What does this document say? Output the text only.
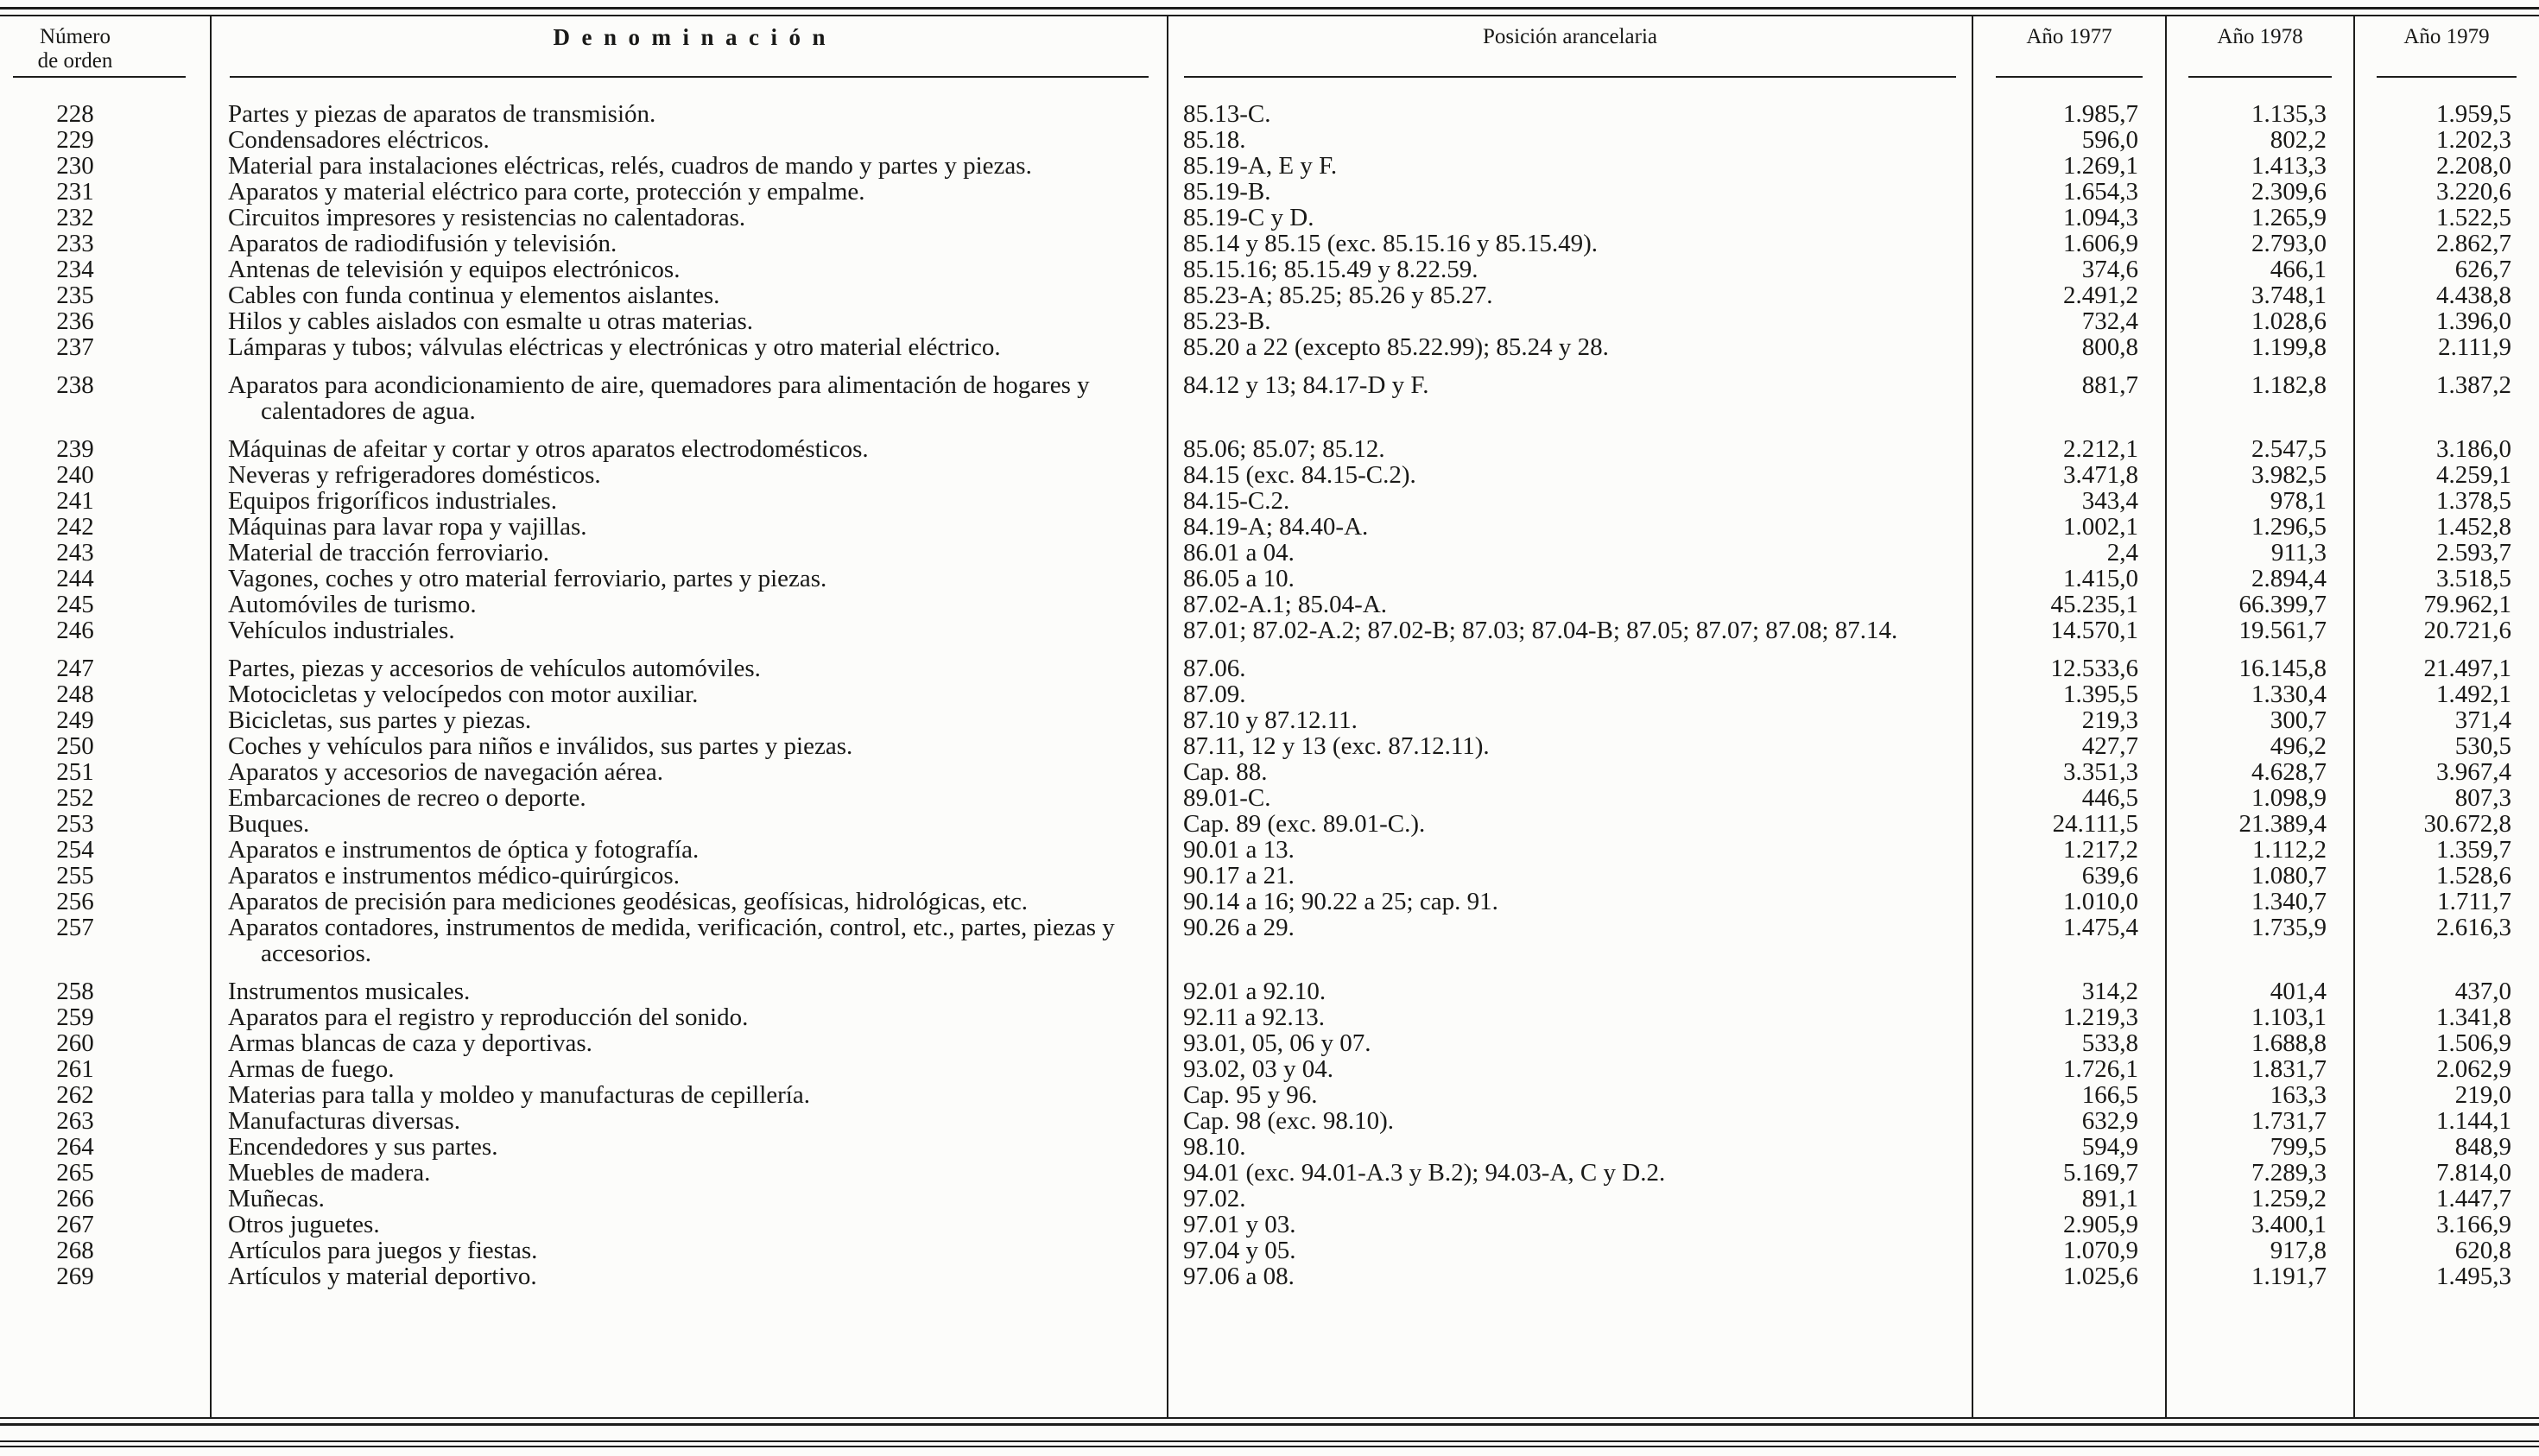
Número
de orden	Denominación	Posición arancelaria	Año 1977	Año 1978	Año 1979

228	Partes y piezas de aparatos de transmisión.	85.13-C.	1.985,7	1.135,3	1.959,5
229	Condensadores eléctricos.	85.18.	596,0	802,2	1.202,3
230	Material para instalaciones eléctricas, relés, cuadros de mando y partes y piezas.	85.19-A, E y F.	1.269,1	1.413,3	2.208,0
231	Aparatos y material eléctrico para corte, protección y empalme.	85.19-B.	1.654,3	2.309,6	3.220,6
232	Circuitos impresores y resistencias no calentadoras.	85.19-C y D.	1.094,3	1.265,9	1.522,5
233	Aparatos de radiodifusión y televisión.	85.14 y 85.15 (exc. 85.15.16 y 85.15.49).	1.606,9	2.793,0	2.862,7
234	Antenas de televisión y equipos electrónicos.	85.15.16; 85.15.49 y 8.22.59.	374,6	466,1	626,7
235	Cables con funda continua y elementos aislantes.	85.23-A; 85.25; 85.26 y 85.27.	2.491,2	3.748,1	4.438,8
236	Hilos y cables aislados con esmalte u otras materias.	85.23-B.	732,4	1.028,6	1.396,0
237	Lámparas y tubos; válvulas eléctricas y electrónicas y otro material eléctrico.	85.20 a 22 (excepto 85.22.99); 85.24 y 28.	800,8	1.199,8	2.111,9
238	Aparatos para acondicionamiento de aire, quemadores para alimentación de hogares y calentadores de agua.	84.12 y 13; 84.17-D y F.	881,7	1.182,8	1.387,2
239	Máquinas de afeitar y cortar y otros aparatos electrodomésticos.	85.06; 85.07; 85.12.	2.212,1	2.547,5	3.186,0
240	Neveras y refrigeradores domésticos.	84.15 (exc. 84.15-C.2).	3.471,8	3.982,5	4.259,1
241	Equipos frigoríficos industriales.	84.15-C.2.	343,4	978,1	1.378,5
242	Máquinas para lavar ropa y vajillas.	84.19-A; 84.40-A.	1.002,1	1.296,5	1.452,8
243	Material de tracción ferroviario.	86.01 a 04.	2,4	911,3	2.593,7
244	Vagones, coches y otro material ferroviario, partes y piezas.	86.05 a 10.	1.415,0	2.894,4	3.518,5
245	Automóviles de turismo.	87.02-A.1; 85.04-A.	45.235,1	66.399,7	79.962,1
246	Vehículos industriales.	87.01; 87.02-A.2; 87.02-B; 87.03; 87.04-B; 87.05; 87.07; 87.08; 87.14.	14.570,1	19.561,7	20.721,6
247	Partes, piezas y accesorios de vehículos automóviles.	87.06.	12.533,6	16.145,8	21.497,1
248	Motocicletas y velocípedos con motor auxiliar.	87.09.	1.395,5	1.330,4	1.492,1
249	Bicicletas, sus partes y piezas.	87.10 y 87.12.11.	219,3	300,7	371,4
250	Coches y vehículos para niños e inválidos, sus partes y piezas.	87.11, 12 y 13 (exc. 87.12.11).	427,7	496,2	530,5
251	Aparatos y accesorios de navegación aérea.	Cap. 88.	3.351,3	4.628,7	3.967,4
252	Embarcaciones de recreo o deporte.	89.01-C.	446,5	1.098,9	807,3
253	Buques.	Cap. 89 (exc. 89.01-C.).	24.111,5	21.389,4	30.672,8
254	Aparatos e instrumentos de óptica y fotografía.	90.01 a 13.	1.217,2	1.112,2	1.359,7
255	Aparatos e instrumentos médico-quirúrgicos.	90.17 a 21.	639,6	1.080,7	1.528,6
256	Aparatos de precisión para mediciones geodésicas, geofísicas, hidrológicas, etc.	90.14 a 16; 90.22 a 25; cap. 91.	1.010,0	1.340,7	1.711,7
257	Aparatos contadores, instrumentos de medida, verificación, control, etc., partes, piezas y accesorios.	90.26 a 29.	1.475,4	1.735,9	2.616,3
258	Instrumentos musicales.	92.01 a 92.10.	314,2	401,4	437,0
259	Aparatos para el registro y reproducción del sonido.	92.11 a 92.13.	1.219,3	1.103,1	1.341,8
260	Armas blancas de caza y deportivas.	93.01, 05, 06 y 07.	533,8	1.688,8	1.506,9
261	Armas de fuego.	93.02, 03 y 04.	1.726,1	1.831,7	2.062,9
262	Materias para talla y moldeo y manufacturas de cepillería.	Cap. 95 y 96.	166,5	163,3	219,0
263	Manufacturas diversas.	Cap. 98 (exc. 98.10).	632,9	1.731,7	1.144,1
264	Encendedores y sus partes.	98.10.	594,9	799,5	848,9
265	Muebles de madera.	94.01 (exc. 94.01-A.3 y B.2); 94.03-A, C y D.2.	5.169,7	7.289,3	7.814,0
266	Muñecas.	97.02.	891,1	1.259,2	1.447,7
267	Otros juguetes.	97.01 y 03.	2.905,9	3.400,1	3.166,9
268	Artículos para juegos y fiestas.	97.04 y 05.	1.070,9	917,8	620,8
269	Artículos y material deportivo.	97.06 a 08.	1.025,6	1.191,7	1.495,3
